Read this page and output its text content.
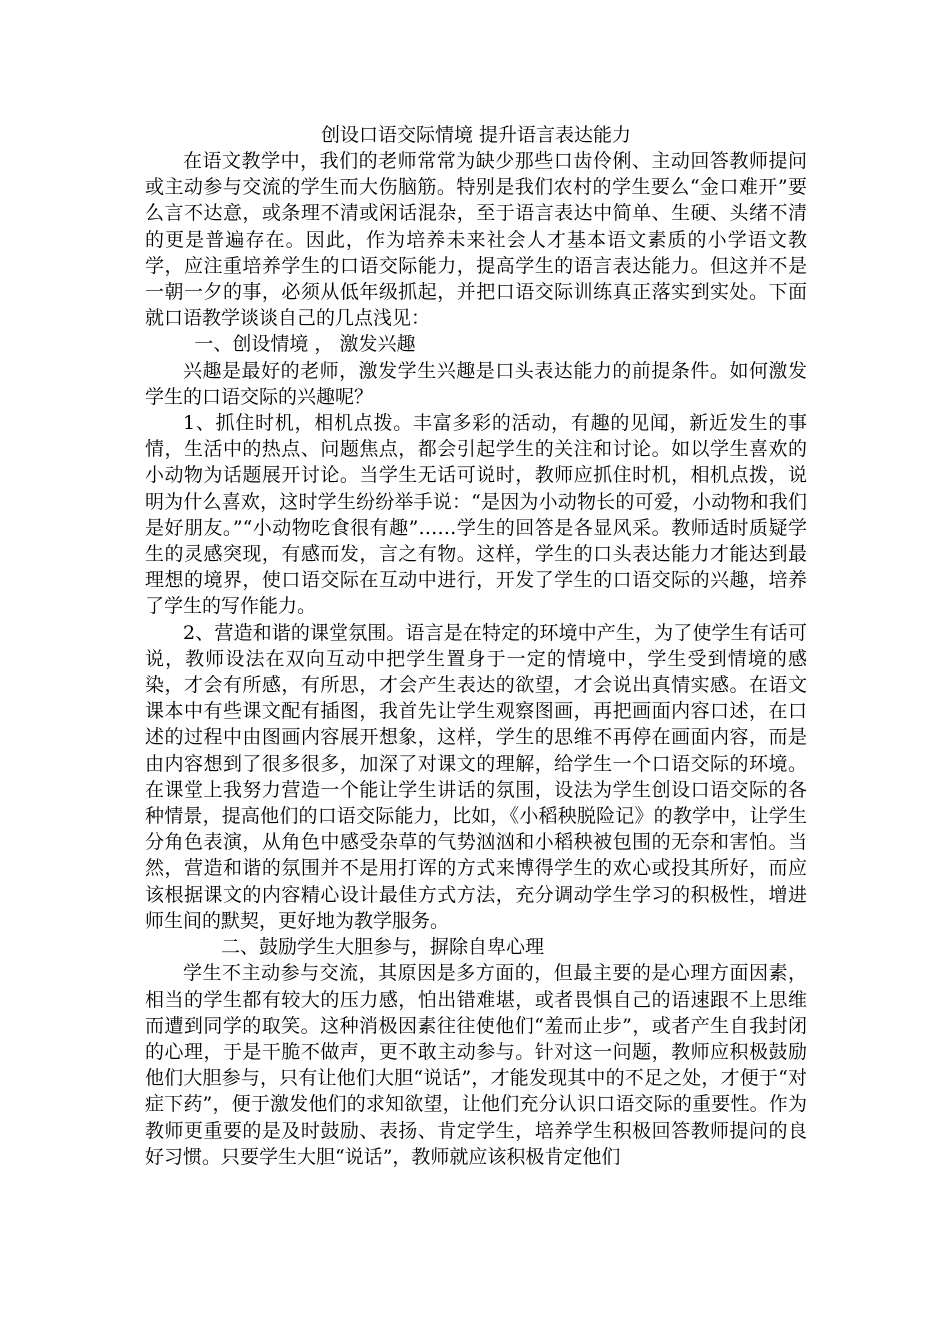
创设口语交际情境 提升语言表达能力

在语文教学中，我们的老师常常为缺少那些口齿伶俐、主动回答教师提问或主动参与交流的学生而大伤脑筋。特别是我们农村的学生要么“金口难开”要么言不达意，或条理不清或闲话混杂，至于语言表达中简单、生硬、头绪不清的更是普遍存在。因此，作为培养未来社会人才基本语文素质的小学语文教学，应注重培养学生的口语交际能力，提高学生的语言表达能力。但这并不是一朝一夕的事，必须从低年级抓起，并把口语交际训练真正落实到实处。下面就口语教学谈谈自己的几点浅见：

一、创设情境 ， 激发兴趣

兴趣是最好的老师，激发学生兴趣是口头表达能力的前提条件。如何激发学生的口语交际的兴趣呢？

1、抓住时机，相机点拨。丰富多彩的活动，有趣的见闻，新近发生的事情，生活中的热点、问题焦点，都会引起学生的关注和讨论。如以学生喜欢的小动物为话题展开讨论。当学生无话可说时，教师应抓住时机，相机点拨，说明为什么喜欢，这时学生纷纷举手说：“是因为小动物长的可爱，小动物和我们是好朋友。”“小动物吃食很有趣”……学生的回答是各显风采。教师适时质疑学生的灵感突现，有感而发，言之有物。这样，学生的口头表达能力才能达到最理想的境界，使口语交际在互动中进行，开发了学生的口语交际的兴趣，培养了学生的写作能力。

2、营造和谐的课堂氛围。语言是在特定的环境中产生，为了使学生有话可说，教师设法在双向互动中把学生置身于一定的情境中，学生受到情境的感染，才会有所感，有所思，才会产生表达的欲望，才会说出真情实感。在语文课本中有些课文配有插图，我首先让学生观察图画，再把画面内容口述，在口述的过程中由图画内容展开想象，这样，学生的思维不再停在画面内容，而是由内容想到了很多很多，加深了对课文的理解，给学生一个口语交际的环境。在课堂上我努力营造一个能让学生讲话的氛围，设法为学生创设口语交际的各种情景，提高他们的口语交际能力，比如，《小稻秧脱险记》的教学中，让学生分角色表演，从角色中感受杂草的气势汹汹和小稻秧被包围的无奈和害怕。当然，营造和谐的氛围并不是用打诨的方式来博得学生的欢心或投其所好，而应该根据课文的内容精心设计最佳方式方法，充分调动学生学习的积极性，增进师生间的默契，更好地为教学服务。

二、鼓励学生大胆参与，摒除自卑心理

学生不主动参与交流，其原因是多方面的，但最主要的是心理方面因素，相当的学生都有较大的压力感，怕出错难堪，或者畏惧自己的语速跟不上思维而遭到同学的取笑。这种消极因素往往使他们“羞而止步”，或者产生自我封闭的心理，于是干脆不做声，更不敢主动参与。针对这一问题，教师应积极鼓励他们大胆参与，只有让他们大胆“说话”，才能发现其中的不足之处，才便于“对症下药”，便于激发他们的求知欲望，让他们充分认识口语交际的重要性。作为教师更重要的是及时鼓励、表扬、肯定学生，培养学生积极回答教师提问的良好习惯。只要学生大胆“说话”，教师就应该积极肯定他们
